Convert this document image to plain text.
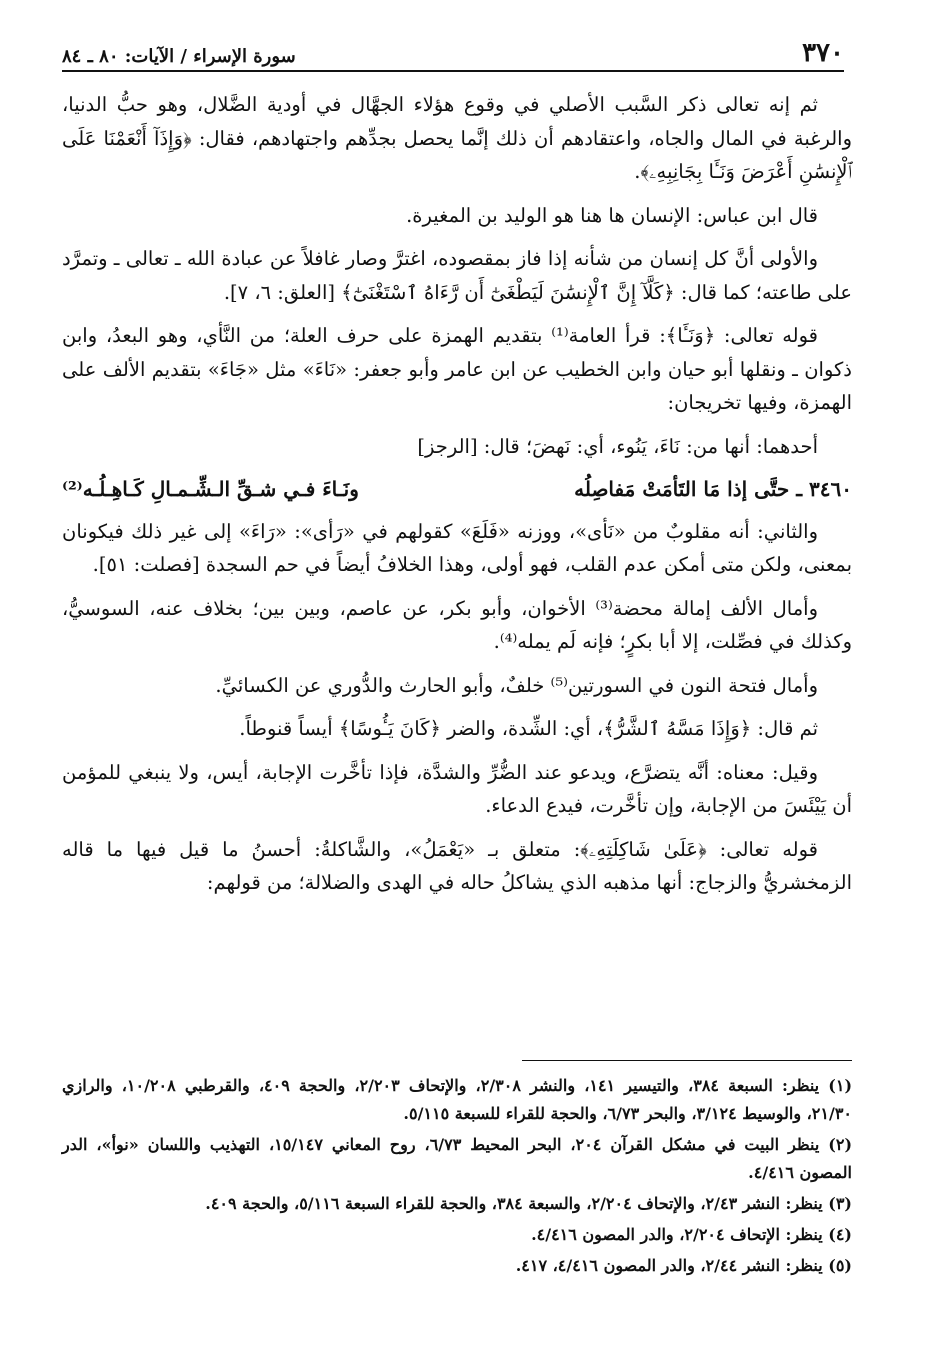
٣٧٠
سورة الإسراء / الآيات: ٨٠ ـ ٨٤

ثم إنه تعالى ذكر السَّبب الأصلي في وقوع هؤلاء الجهَّال في أودية الضَّلال، وهو حبُّ الدنيا، والرغبة في المال والجاه، واعتقادهم أن ذلك إنَّما يحصل بجدِّهم واجتهادهم، فقال: ﴿وَإِذَآ أَنْعَمْنَا عَلَى ٱلْإِنسَٰنِ أَعْرَضَ وَنَـَٔا بِجَانِبِهِۦ﴾.

قال ابن عباس: الإنسان ها هنا هو الوليد بن المغيرة.

والأولى أنَّ كل إنسان من شأنه إذا فاز بمقصوده، اغترَّ وصار غافلاً عن عبادة الله ـ تعالى ـ وتمرَّد على طاعته؛ كما قال: ﴿كَلَّآ إِنَّ ٱلْإِنسَٰنَ لَيَطْغَىٰٓ أَن رَّءَاهُ ٱسْتَغْنَىٰٓ﴾ [العلق: ٦، ٧].

قوله تعالى: ﴿وَنَـَٔا﴾: قرأ العامة⁽¹⁾ بتقديم الهمزة على حرف العلة؛ من النَّأي، وهو البعدُ، وابن ذكوان ـ ونقلها أبو حيان وابن الخطيب عن ابن عامر وأبو جعفر: «نَاءَ» مثل «جَاءَ» بتقديم الألف على الهمزة، وفيها تخريجان:

أحدهما: أنها من: نَاءَ، يَنُوء، أي: نَهضَ؛ قال: [الرجز]

٣٤٦٠ ـ حتَّى إذا مَا التَأمَتْ مَفاصِلُه
ونَـاءَ فـي شـقِّ الـشِّـمـالِ كَـاهِـلُـه⁽²⁾

والثاني: أنه مقلوبٌ من «نَأى»، ووزنه «فَلَعَ» كقولهم في «رَأى»: «رَاءَ» إلى غير ذلك فيكونان بمعنى، ولكن متى أمكن عدم القلب، فهو أولى، وهذا الخلافُ أيضاً في حم السجدة [فصلت: ٥١].

وأمال الألف إمالة محضة⁽³⁾ الأخوان، وأبو بكر، عن عاصم، وبين بين؛ بخلاف عنه، السوسيُّ، وكذلك في فصِّلت، إلا أبا بكرٍ؛ فإنه لَم يمله⁽⁴⁾.

وأمال فتحة النون في السورتين⁽⁵⁾ خلفٌ، وأبو الحارث والدُّوري عن الكسائيِّ.

ثم قال: ﴿وَإِذَا مَسَّهُ ٱلشَّرُّ﴾، أي: الشِّدة، والضر ﴿كَانَ يَـُٔوسًا﴾ أيساً قنوطاً.

وقيل: معناه: أنَّه يتضرَّع، ويدعو عند الضُّرِّ والشدَّة، فإذا تأخَّرت الإجابة، أيس، ولا ينبغي للمؤمن أن يَيْئَسَ من الإجابة، وإن تأخَّرت، فيدع الدعاء.

قوله تعالى: ﴿عَلَىٰ شَاكِلَتِهِۦ﴾: متعلق بـ «يَعْمَلُ»، والشَّاكلةُ: أحسنُ ما قيل فيها ما قاله الزمخشريُّ والزجاج: أنها مذهبه الذي يشاكلُ حاله في الهدى والضلالة؛ من قولهم:

(١) ينظر: السبعة ٣٨٤، والتيسير ١٤١، والنشر ٢/٣٠٨، والإتحاف ٢/٢٠٣، والحجة ٤٠٩، والقرطبي ١٠/٢٠٨، والرازي ٢١/٣٠، والوسيط ٣/١٢٤، والبحر ٦/٧٣، والحجة للقراء للسبعة ٥/١١٥.

(٢) ينظر البيت في مشكل القرآن ٢٠٤، البحر المحيط ٦/٧٣، روح المعاني ١٥/١٤٧، التهذيب واللسان «نوأ»، الدر المصون ٤/٤١٦.

(٣) ينظر: النشر ٢/٤٣، والإتحاف ٢/٢٠٤، والسبعة ٣٨٤، والحجة للقراء السبعة ٥/١١٦، والحجة ٤٠٩.

(٤) ينظر: الإتحاف ٢/٢٠٤، والدر المصون ٤/٤١٦.

(٥) ينظر: النشر ٢/٤٤، والدر المصون ٤/٤١٦، ٤١٧.
